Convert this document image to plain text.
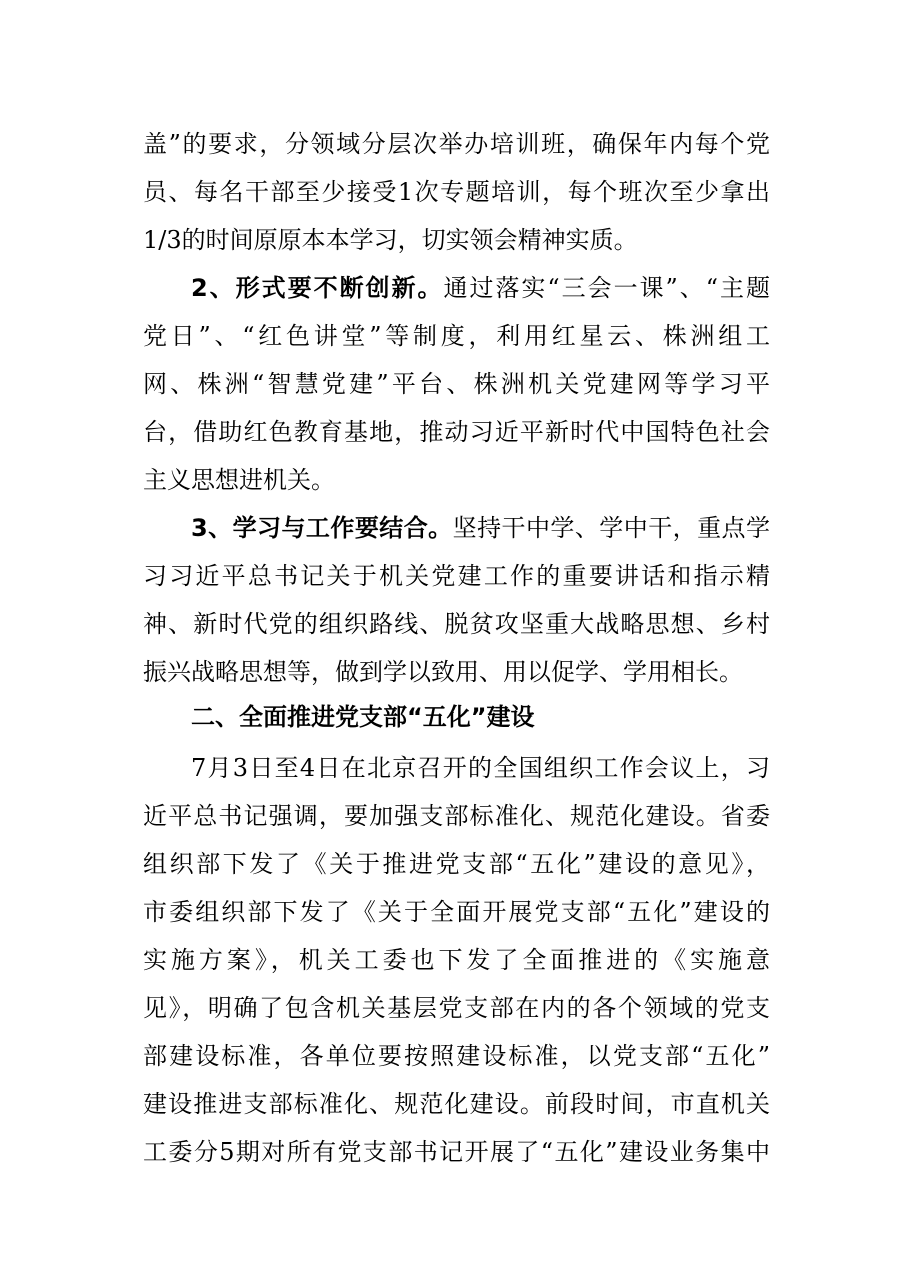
盖”的要求，分领域分层次举办培训班，确保年内每个党
员、每名干部至少接受1次专题培训，每个班次至少拿出
1/3的时间原原本本学习，切实领会精神实质。
2、形式要不断创新。通过落实“三会一课”、“主题
党日”、“红色讲堂”等制度，利用红星云、株洲组工
网、株洲“智慧党建”平台、株洲机关党建网等学习平
台，借助红色教育基地，推动习近平新时代中国特色社会
主义思想进机关。
3、学习与工作要结合。坚持干中学、学中干，重点学
习习近平总书记关于机关党建工作的重要讲话和指示精
神、新时代党的组织路线、脱贫攻坚重大战略思想、乡村
振兴战略思想等，做到学以致用、用以促学、学用相长。
二、全面推进党支部“五化”建设
7月3日至4日在北京召开的全国组织工作会议上，习
近平总书记强调，要加强支部标准化、规范化建设。省委
组织部下发了《关于推进党支部“五化”建设的意见》，
市委组织部下发了《关于全面开展党支部“五化”建设的
实施方案》，机关工委也下发了全面推进的《实施意
见》，明确了包含机关基层党支部在内的各个领域的党支
部建设标准，各单位要按照建设标准，以党支部“五化”
建设推进支部标准化、规范化建设。前段时间，市直机关
工委分5期对所有党支部书记开展了“五化”建设业务集中
